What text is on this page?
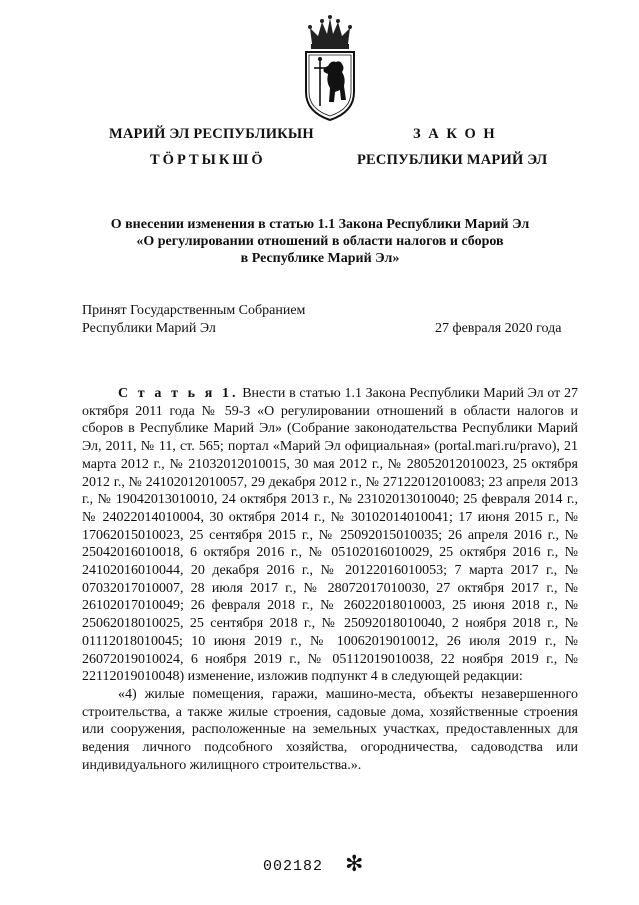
МАРИЙ ЭЛ РЕСПУБЛИКЫН
ТӦРТЫКШӦ
З А К О Н
РЕСПУБЛИКИ МАРИЙ ЭЛ
О внесении изменения в статью 1.1 Закона Республики Марий Эл
«О регулировании отношений в области налогов и сборов
в Республике Марий Эл»
Принят Государственным Собранием
Республики Марий Эл	27 февраля 2020 года

С т а т ь я 1. Внести в статью 1.1 Закона Республики Марий Эл от 27 октября 2011 года № 59-З «О регулировании отношений в области налогов и сборов в Республике Марий Эл» (Собрание законодательства Республики Марий Эл, 2011, № 11, ст. 565; портал «Марий Эл официальная» (portal.mari.ru/pravo), 21 марта 2012 г., № 21032012010015, 30 мая 2012 г., № 28052012010023, 25 октября 2012 г., № 24102012010057, 29 декабря 2012 г., № 27122012010083; 23 апреля 2013 г., № 19042013010010, 24 октября 2013 г., № 23102013010040; 25 февраля 2014 г., № 24022014010004, 30 октября 2014 г., № 30102014010041; 17 июня 2015 г., № 17062015010023, 25 сентября 2015 г., № 25092015010035; 26 апреля 2016 г., № 25042016010018, 6 октября 2016 г., № 05102016010029, 25 октября 2016 г., № 24102016010044, 20 декабря 2016 г., № 20122016010053; 7 марта 2017 г., № 07032017010007, 28 июля 2017 г., № 28072017010030, 27 октября 2017 г., № 26102017010049; 26 февраля 2018 г., № 26022018010003, 25 июня 2018 г., № 25062018010025, 25 сентября 2018 г., № 25092018010040, 2 ноября 2018 г., № 01112018010045; 10 июня 2019 г., № 10062019010012, 26 июля 2019 г., № 26072019010024, 6 ноября 2019 г., № 05112019010038, 22 ноября 2019 г., № 22112019010048) изменение, изложив подпункт 4 в следующей редакции:

«4) жилые помещения, гаражи, машино-места, объекты незавершенного строительства, а также жилые строения, садовые дома, хозяйственные строения или сооружения, расположенные на земельных участках, предоставленных для ведения личного подсобного хозяйства, огородничества, садоводства или индивидуального жилищного строительства.».

002182 ✻
